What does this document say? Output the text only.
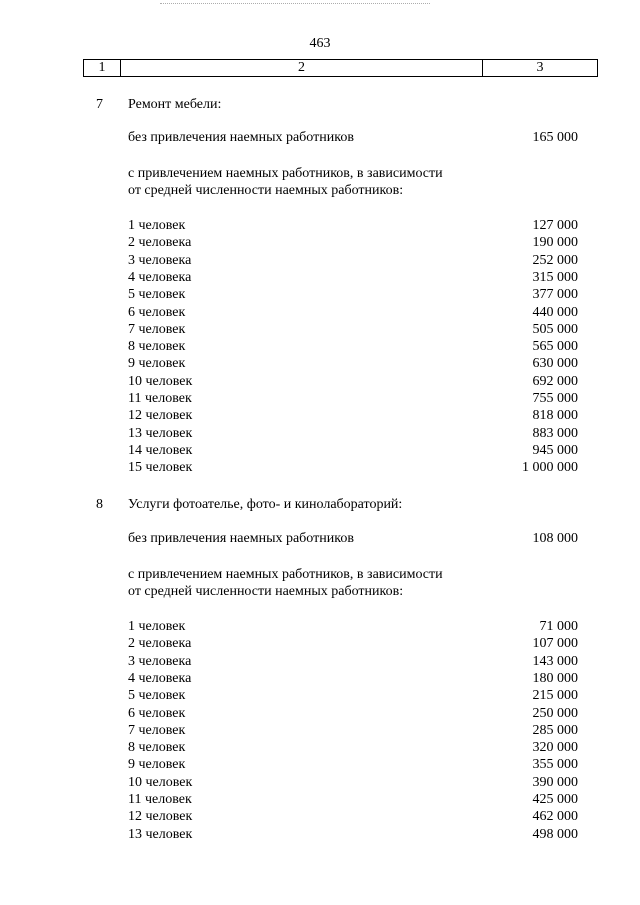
463
1	2	3
7 Ремонт мебели:
без привлечения наемных работников	165 000
с привлечением наемных работников, в зависимости
от средней численности наемных работников:
1 человек	127 000
2 человека	190 000
3 человека	252 000
4 человека	315 000
5 человек	377 000
6 человек	440 000
7 человек	505 000
8 человек	565 000
9 человек	630 000
10 человек	692 000
11 человек	755 000
12 человек	818 000
13 человек	883 000
14 человек	945 000
15 человек	1 000 000
8 Услуги фотоателье, фото- и кинолабораторий:
без привлечения наемных работников	108 000
с привлечением наемных работников, в зависимости
от средней численности наемных работников:
1 человек	71 000
2 человека	107 000
3 человека	143 000
4 человека	180 000
5 человек	215 000
6 человек	250 000
7 человек	285 000
8 человек	320 000
9 человек	355 000
10 человек	390 000
11 человек	425 000
12 человек	462 000
13 человек	498 000
